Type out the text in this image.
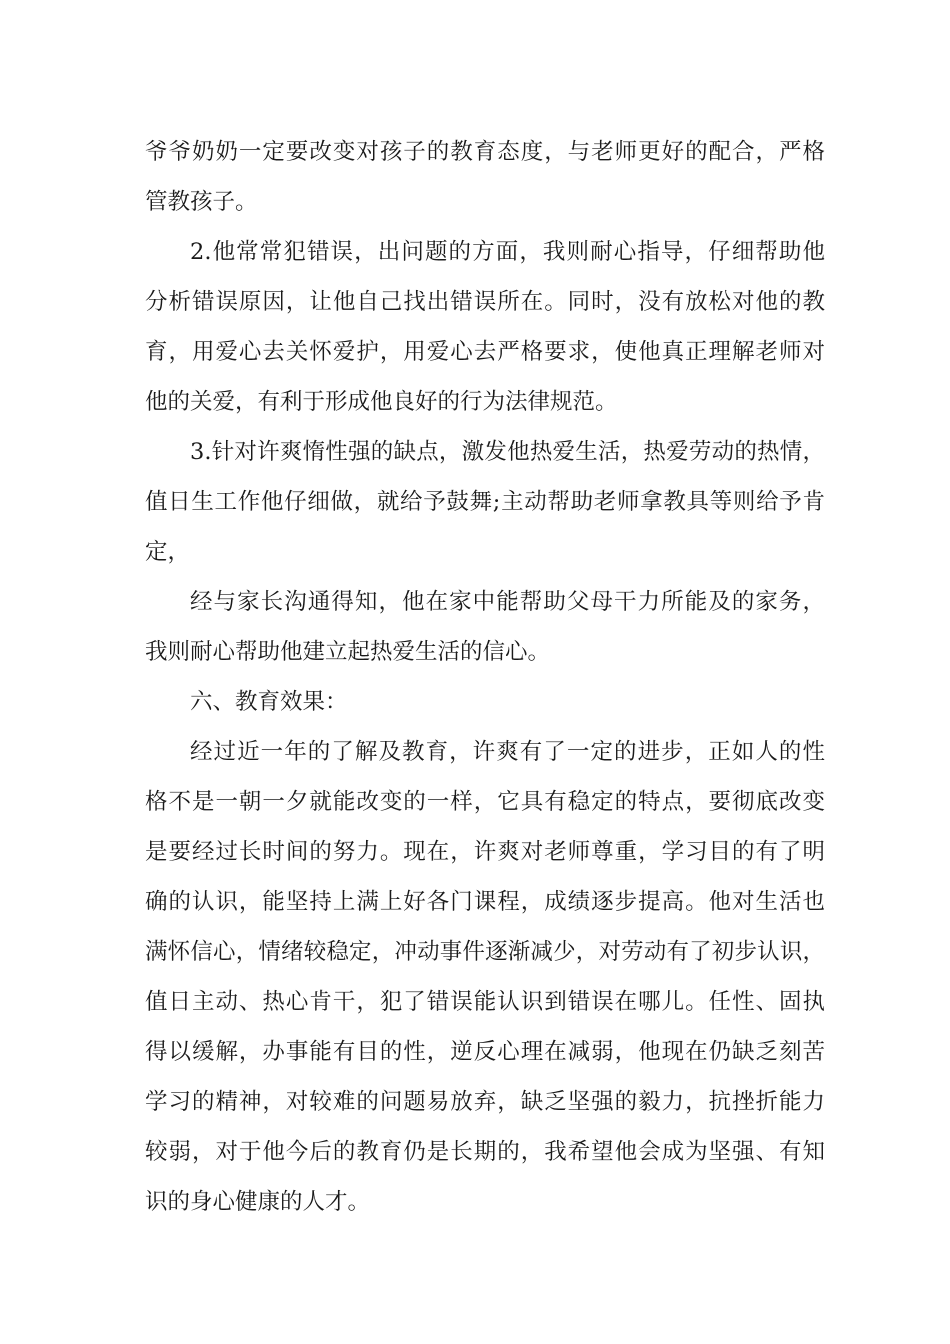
爷爷奶奶一定要改变对孩子的教育态度，与老师更好的配合，严格
管教孩子。
2.他常常犯错误，出问题的方面，我则耐心指导，仔细帮助他
分析错误原因，让他自己找出错误所在。同时，没有放松对他的教
育，用爱心去关怀爱护，用爱心去严格要求，使他真正理解老师对
他的关爱，有利于形成他良好的行为法律规范。
3.针对许爽惰性强的缺点，激发他热爱生活，热爱劳动的热情，
值日生工作他仔细做，就给予鼓舞;主动帮助老师拿教具等则给予肯
定，
经与家长沟通得知，他在家中能帮助父母干力所能及的家务，
我则耐心帮助他建立起热爱生活的信心。
六、教育效果：
经过近一年的了解及教育，许爽有了一定的进步，正如人的性
格不是一朝一夕就能改变的一样，它具有稳定的特点，要彻底改变
是要经过长时间的努力。现在，许爽对老师尊重，学习目的有了明
确的认识，能坚持上满上好各门课程，成绩逐步提高。他对生活也
满怀信心，情绪较稳定，冲动事件逐渐减少，对劳动有了初步认识，
值日主动、热心肯干，犯了错误能认识到错误在哪儿。任性、固执
得以缓解，办事能有目的性，逆反心理在减弱，他现在仍缺乏刻苦
学习的精神，对较难的问题易放弃，缺乏坚强的毅力，抗挫折能力
较弱，对于他今后的教育仍是长期的，我希望他会成为坚强、有知
识的身心健康的人才。
